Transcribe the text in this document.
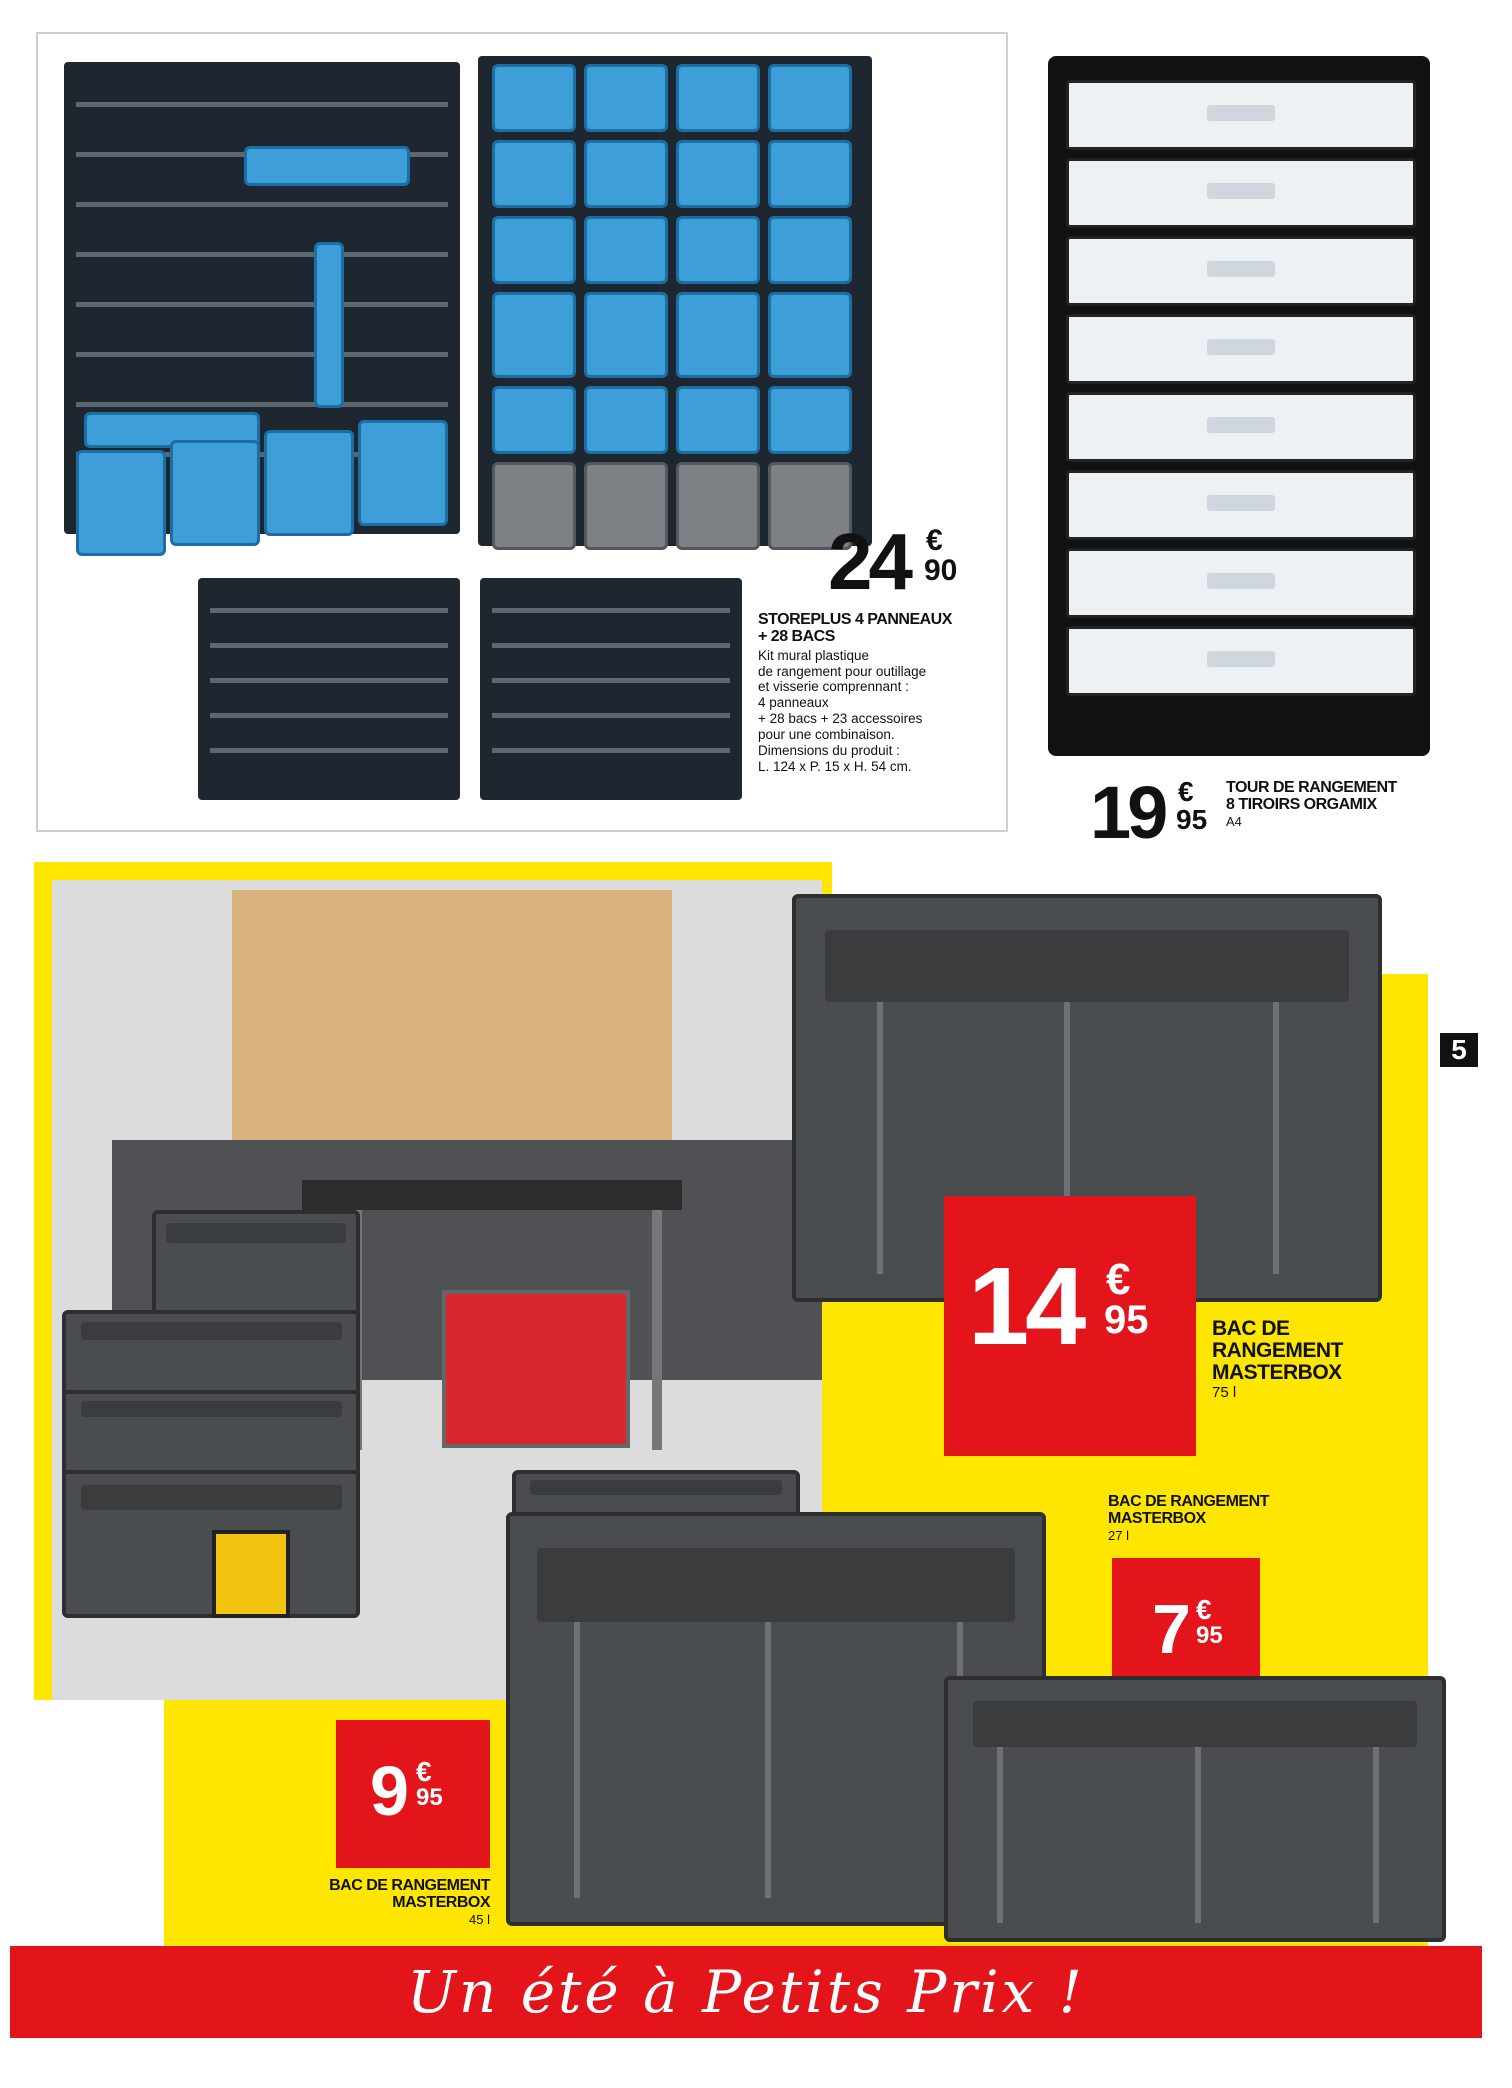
24 €
90
STOREPLUS 4 PANNEAUX
+ 28 BACS
Kit mural plastique
de rangement pour outillage
et visserie comprennant :
4 panneaux
+ 28 bacs + 23 accessoires
pour une combinaison.
Dimensions du produit :
L. 124 x P. 15 x H. 54 cm.
19 €
95
TOUR DE RANGEMENT
8 TIROIRS ORGAMIX
A4
14 €
95	BAC DE
RANGEMENT
MASTERBOX
75 l
BAC DE RANGEMENT
MASTERBOX
27 l
7 €
95
9 €
95
BAC DE RANGEMENT
MASTERBOX
45 l
5
Un été à Petits Prix !
